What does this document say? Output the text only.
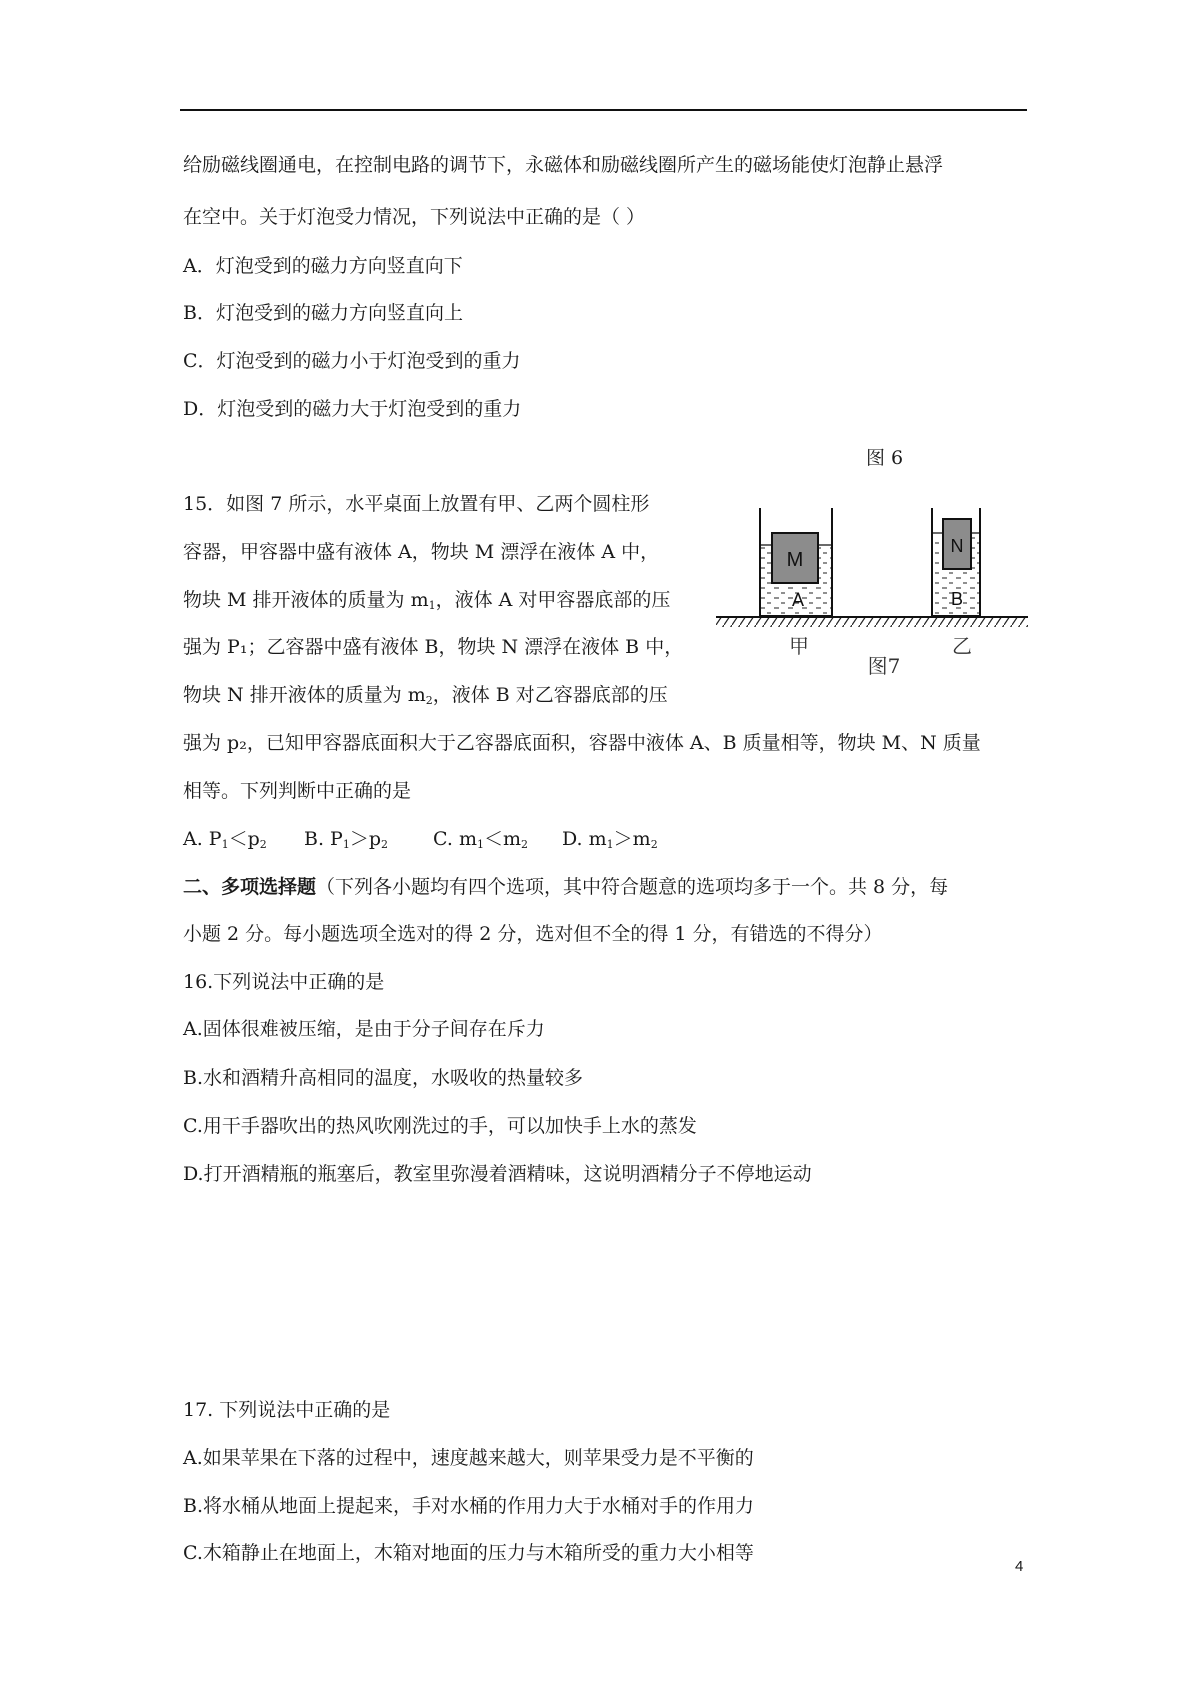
给励磁线圈通电，在控制电路的调节下，永磁体和励磁线圈所产生的磁场能使灯泡静止悬浮
在空中。关于灯泡受力情况，下列说法中正确的是（ ）
A．灯泡受到的磁力方向竖直向下
B．灯泡受到的磁力方向竖直向上
C．灯泡受到的磁力小于灯泡受到的重力
D．灯泡受到的磁力大于灯泡受到的重力
图 6
15．如图 7 所示，水平桌面上放置有甲、乙两个圆柱形
容器，甲容器中盛有液体 A，物块 M 漂浮在液体 A 中，
物块 M 排开液体的质量为 $m_1$，液体 A 对甲容器底部的压
强为 P₁；乙容器中盛有液体 B，物块 N 漂浮在液体 B 中，
物块 N 排开液体的质量为 $m_2$，液体 B 对乙容器底部的压
强为 p₂，已知甲容器底面积大于乙容器底面积，容器中液体 A、B 质量相等，物块 M、N 质量
相等。下列判断中正确的是
A. $P_1<p_2$ B. $P_1>p_2$ C. $m_1<m_2$ D. $m_1>m_2$
二、多项选择题（下列各小题均有四个选项，其中符合题意的选项均多于一个。共 8 分，每
小题 2 分。每小题选项全选对的得 2 分，选对但不全的得 1 分，有错选的不得分）
16.下列说法中正确的是
A.固体很难被压缩，是由于分子间存在斥力
B.水和酒精升高相同的温度，水吸收的热量较多
C.用干手器吹出的热风吹刚洗过的手，可以加快手上水的蒸发
D.打开酒精瓶的瓶塞后，教室里弥漫着酒精味，这说明酒精分子不停地运动
17. 下列说法中正确的是
A.如果苹果在下落的过程中，速度越来越大，则苹果受力是不平衡的
B.将水桶从地面上提起来，手对水桶的作用力大于水桶对手的作用力
C.木箱静止在地面上，木箱对地面的压力与木箱所受的重力大小相等
M
A
N
B
甲	乙
图7
4
